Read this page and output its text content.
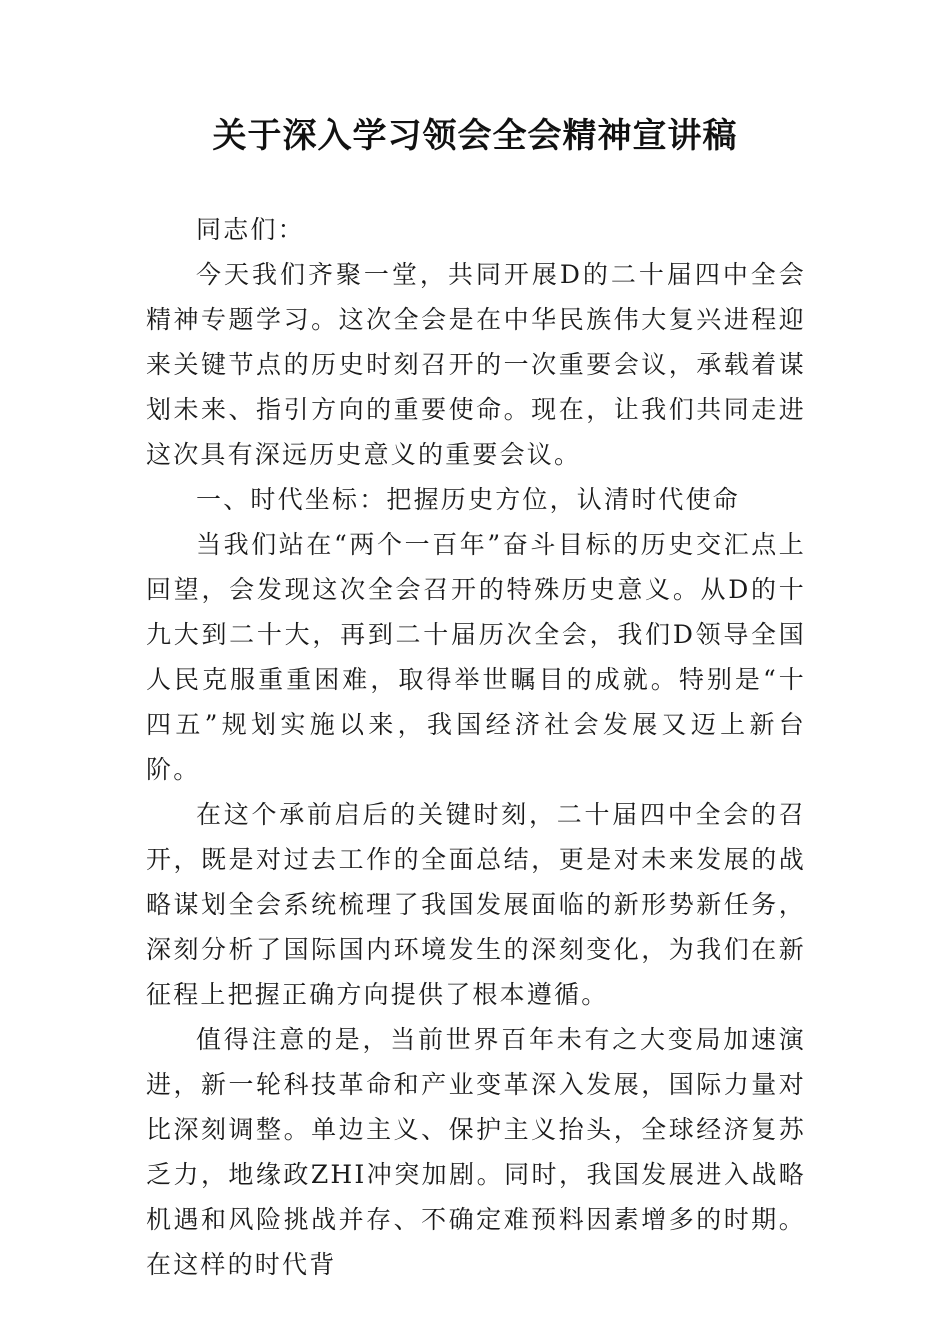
关于深入学习领会全会精神宣讲稿

同志们：

今天我们齐聚一堂，共同开展D的二十届四中全会精神专题学习。这次全会是在中华民族伟大复兴进程迎来关键节点的历史时刻召开的一次重要会议，承载着谋划未来、指引方向的重要使命。现在，让我们共同走进这次具有深远历史意义的重要会议。

一、时代坐标：把握历史方位，认清时代使命

当我们站在“两个一百年”奋斗目标的历史交汇点上回望，会发现这次全会召开的特殊历史意义。从D的十九大到二十大，再到二十届历次全会，我们D领导全国人民克服重重困难，取得举世瞩目的成就。特别是“十四五”规划实施以来，我国经济社会发展又迈上新台阶。

在这个承前启后的关键时刻，二十届四中全会的召开，既是对过去工作的全面总结，更是对未来发展的战略谋划全会系统梳理了我国发展面临的新形势新任务，深刻分析了国际国内环境发生的深刻变化，为我们在新征程上把握正确方向提供了根本遵循。

值得注意的是，当前世界百年未有之大变局加速演进，新一轮科技革命和产业变革深入发展，国际力量对比深刻调整。单边主义、保护主义抬头，全球经济复苏乏力，地缘政ZHI冲突加剧。同时，我国发展进入战略机遇和风险挑战并存、不确定难预料因素增多的时期。在这样的时代背
